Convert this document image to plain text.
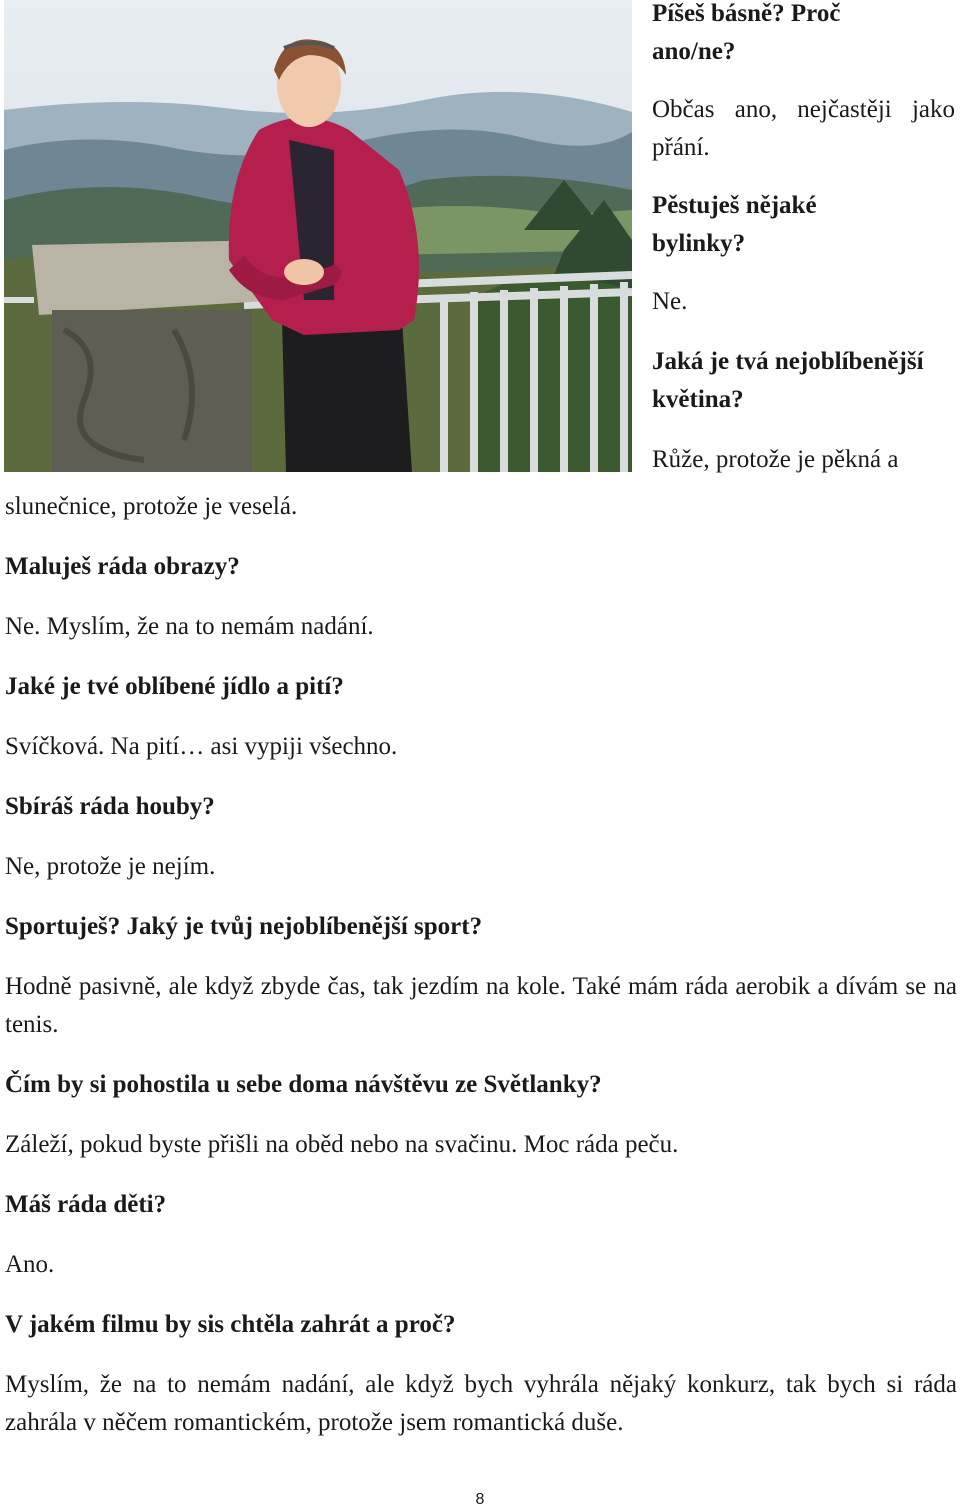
Píšeš básně? Proč ano/ne?

Občas ano, nejčastěji jako přání.

Pěstuješ nějaké bylinky?

Ne.

Jaká je tvá nejoblíbenější květina?

Růže, protože je pěkná a

slunečnice, protože je veselá.

Maluješ ráda obrazy?

Ne. Myslím, že na to nemám nadání.

Jaké je tvé oblíbené jídlo a pití?

Svíčková. Na pití… asi vypiji všechno.

Sbíráš ráda houby?

Ne, protože je nejím.

Sportuješ? Jaký je tvůj nejoblíbenější sport?

Hodně pasivně, ale když zbyde čas, tak jezdím na kole. Také mám ráda aerobik a dívám se na tenis.

Čím by si pohostila u sebe doma návštěvu ze Světlanky?

Záleží, pokud byste přišli na oběd nebo na svačinu. Moc ráda peču.

Máš ráda děti?

Ano.

V jakém filmu by sis chtěla zahrát a proč?

Myslím, že na to nemám nadání, ale když bych vyhrála nějaký konkurz, tak bych si ráda zahrála v něčem romantickém, protože jsem romantická duše.

8
